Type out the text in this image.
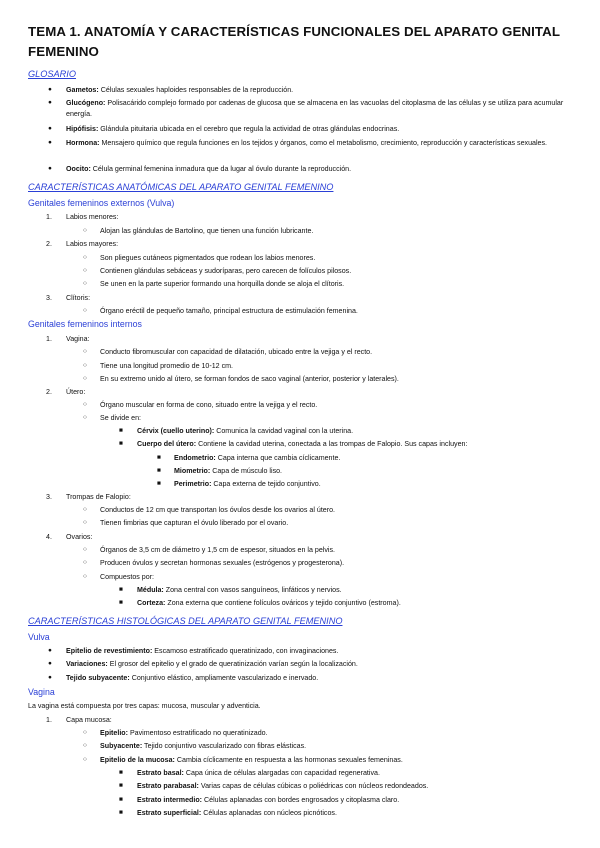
TEMA 1. ANATOMÍA Y CARACTERÍSTICAS FUNCIONALES DEL APARATO GENITAL FEMENINO
GLOSARIO
● Gametos: Células sexuales haploides responsables de la reproducción.
● Glucógeno: Polisacárido complejo formado por cadenas de glucosa que se almacena en las vacuolas del citoplasma de las células y se utiliza para acumular energía.
● Hipófisis: Glándula pituitaria ubicada en el cerebro que regula la actividad de otras glándulas endocrinas.
● Hormona: Mensajero químico que regula funciones en los tejidos y órganos, como el metabolismo, crecimiento, reproducción y características sexuales.
● Oocito: Célula germinal femenina inmadura que da lugar al óvulo durante la reproducción.
CARACTERÍSTICAS ANATÓMICAS DEL APARATO GENITAL FEMENINO
Genitales femeninos externos (Vulva)
1. Labios menores:
○ Alojan las glándulas de Bartolino, que tienen una función lubricante.
2. Labios mayores:
○ Son pliegues cutáneos pigmentados que rodean los labios menores.
○ Contienen glándulas sebáceas y sudoríparas, pero carecen de folículos pilosos.
○ Se unen en la parte superior formando una horquilla donde se aloja el clítoris.
3. Clítoris:
○ Órgano eréctil de pequeño tamaño, principal estructura de estimulación femenina.
Genitales femeninos internos
1. Vagina:
○ Conducto fibromuscular con capacidad de dilatación, ubicado entre la vejiga y el recto.
○ Tiene una longitud promedio de 10-12 cm.
○ En su extremo unido al útero, se forman fondos de saco vaginal (anterior, posterior y laterales).
2. Útero:
○ Órgano muscular en forma de cono, situado entre la vejiga y el recto.
○ Se divide en:
■ Cérvix (cuello uterino): Comunica la cavidad vaginal con la uterina.
■ Cuerpo del útero: Contiene la cavidad uterina, conectada a las trompas de Falopio. Sus capas incluyen:
■ Endometrio: Capa interna que cambia cíclicamente.
■ Miometrio: Capa de músculo liso.
■ Perimetrio: Capa externa de tejido conjuntivo.
3. Trompas de Falopio:
○ Conductos de 12 cm que transportan los óvulos desde los ovarios al útero.
○ Tienen fimbrias que capturan el óvulo liberado por el ovario.
4. Ovarios:
○ Órganos de 3,5 cm de diámetro y 1,5 cm de espesor, situados en la pelvis.
○ Producen óvulos y secretan hormonas sexuales (estrógenos y progesterona).
○ Compuestos por:
■ Médula: Zona central con vasos sanguíneos, linfáticos y nervios.
■ Corteza: Zona externa que contiene folículos ováricos y tejido conjuntivo (estroma).
CARACTERÍSTICAS HISTOLÓGICAS DEL APARATO GENITAL FEMENINO
Vulva
● Epitelio de revestimiento: Escamoso estratificado queratinizado, con invaginaciones.
● Variaciones: El grosor del epitelio y el grado de queratinización varían según la localización.
● Tejido subyacente: Conjuntivo elástico, ampliamente vascularizado e inervado.
Vagina
La vagina está compuesta por tres capas: mucosa, muscular y adventicia.
1. Capa mucosa:
○ Epitelio: Pavimentoso estratificado no queratinizado.
○ Subyacente: Tejido conjuntivo vascularizado con fibras elásticas.
○ Epitelio de la mucosa: Cambia cíclicamente en respuesta a las hormonas sexuales femeninas.
■ Estrato basal: Capa única de células alargadas con capacidad regenerativa.
■ Estrato parabasal: Varias capas de células cúbicas o poliédricas con núcleos redondeados.
■ Estrato intermedio: Células aplanadas con bordes engrosados y citoplasma claro.
■ Estrato superficial: Células aplanadas con núcleos picnóticos.
